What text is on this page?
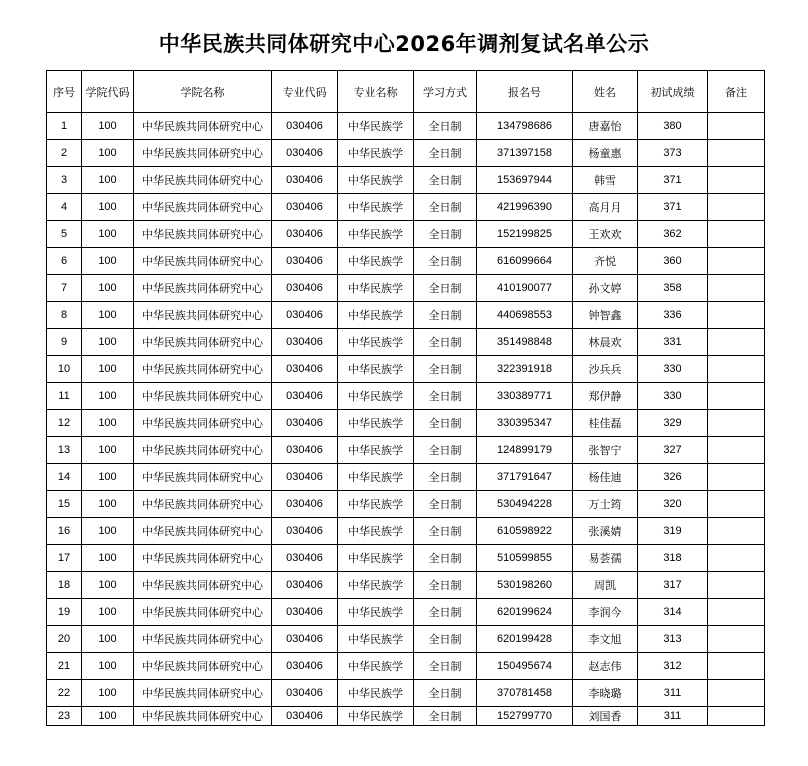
中华民族共同体研究中心2026年调剂复试名单公示
序号	学院代码	学院名称	专业代码	专业名称	学习方式	报名号	姓名	初试成绩	备注
1	100	中华民族共同体研究中心	030406	中华民族学	全日制	134798686	唐嘉怡	380	
2	100	中华民族共同体研究中心	030406	中华民族学	全日制	371397158	杨童惠	373	
3	100	中华民族共同体研究中心	030406	中华民族学	全日制	153697944	韩雪	371	
4	100	中华民族共同体研究中心	030406	中华民族学	全日制	421996390	高月月	371	
5	100	中华民族共同体研究中心	030406	中华民族学	全日制	152199825	王欢欢	362	
6	100	中华民族共同体研究中心	030406	中华民族学	全日制	616099664	齐悦	360	
7	100	中华民族共同体研究中心	030406	中华民族学	全日制	410190077	孙文婷	358	
8	100	中华民族共同体研究中心	030406	中华民族学	全日制	440698553	钟智鑫	336	
9	100	中华民族共同体研究中心	030406	中华民族学	全日制	351498848	林晨欢	331	
10	100	中华民族共同体研究中心	030406	中华民族学	全日制	322391918	沙兵兵	330	
11	100	中华民族共同体研究中心	030406	中华民族学	全日制	330389771	郑伊静	330	
12	100	中华民族共同体研究中心	030406	中华民族学	全日制	330395347	桂佳磊	329	
13	100	中华民族共同体研究中心	030406	中华民族学	全日制	124899179	张智宁	327	
14	100	中华民族共同体研究中心	030406	中华民族学	全日制	371791647	杨佳迪	326	
15	100	中华民族共同体研究中心	030406	中华民族学	全日制	530494228	万士筠	320	
16	100	中华民族共同体研究中心	030406	中华民族学	全日制	610598922	张溪婧	319	
17	100	中华民族共同体研究中心	030406	中华民族学	全日制	510599855	易荟孺	318	
18	100	中华民族共同体研究中心	030406	中华民族学	全日制	530198260	周凯	317	
19	100	中华民族共同体研究中心	030406	中华民族学	全日制	620199624	李润今	314	
20	100	中华民族共同体研究中心	030406	中华民族学	全日制	620199428	李文旭	313	
21	100	中华民族共同体研究中心	030406	中华民族学	全日制	150495674	赵志伟	312	
22	100	中华民族共同体研究中心	030406	中华民族学	全日制	370781458	李晓璐	311	
23	100	中华民族共同体研究中心	030406	中华民族学	全日制	152799770	刘国香	311	
